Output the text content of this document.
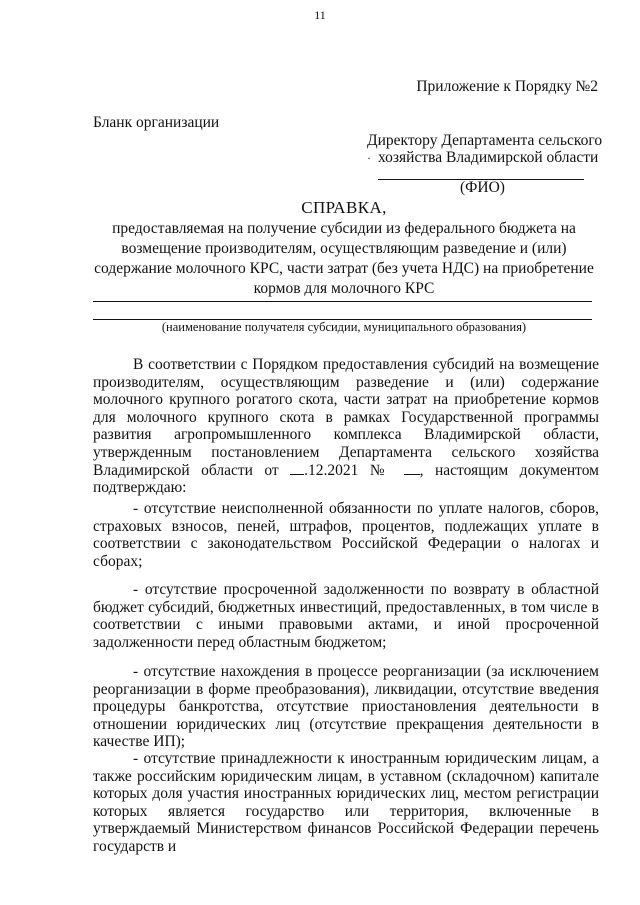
11
Приложение к Порядку №2
Бланк организации
Директору Департамента сельского
· хозяйства Владимирской области
(ФИО)
СПРАВКА,
предоставляемая на получение субсидии из федерального бюджета на
возмещение производителям, осуществляющим разведение и (или)
содержание молочного КРС, части затрат (без учета НДС) на приобретение
кормов для молочного КРС
(наименование получателя субсидии, муниципального образования)

В соответствии с Порядком предоставления субсидий на возмещение производителям, осуществляющим разведение и (или) содержание молочного крупного рогатого скота, части затрат на приобретение кормов для молочного крупного скота в рамках Государственной программы развития агропромышленного комплекса Владимирской области, утвержденным постановлением Департамента сельского хозяйства Владимирской области от .12.2021 № , настоящим документом подтверждаю:

- отсутствие неисполненной обязанности по уплате налогов, сборов, страховых взносов, пеней, штрафов, процентов, подлежащих уплате в соответствии с законодательством Российской Федерации о налогах и сборах;

- отсутствие просроченной задолженности по возврату в областной бюджет субсидий, бюджетных инвестиций, предоставленных, в том числе в соответствии с иными правовыми актами, и иной просроченной задолженности перед областным бюджетом;

- отсутствие нахождения в процессе реорганизации (за исключением реорганизации в форме преобразования), ликвидации, отсутствие введения процедуры банкротства, отсутствие приостановления деятельности в отношении юридических лиц (отсутствие прекращения деятельности в качестве ИП);

- отсутствие принадлежности к иностранным юридическим лицам, а также российским юридическим лицам, в уставном (складочном) капитале которых доля участия иностранных юридических лиц, местом регистрации которых является государство или территория, включенные в утверждаемый Министерством финансов Российской Федерации перечень государств и
